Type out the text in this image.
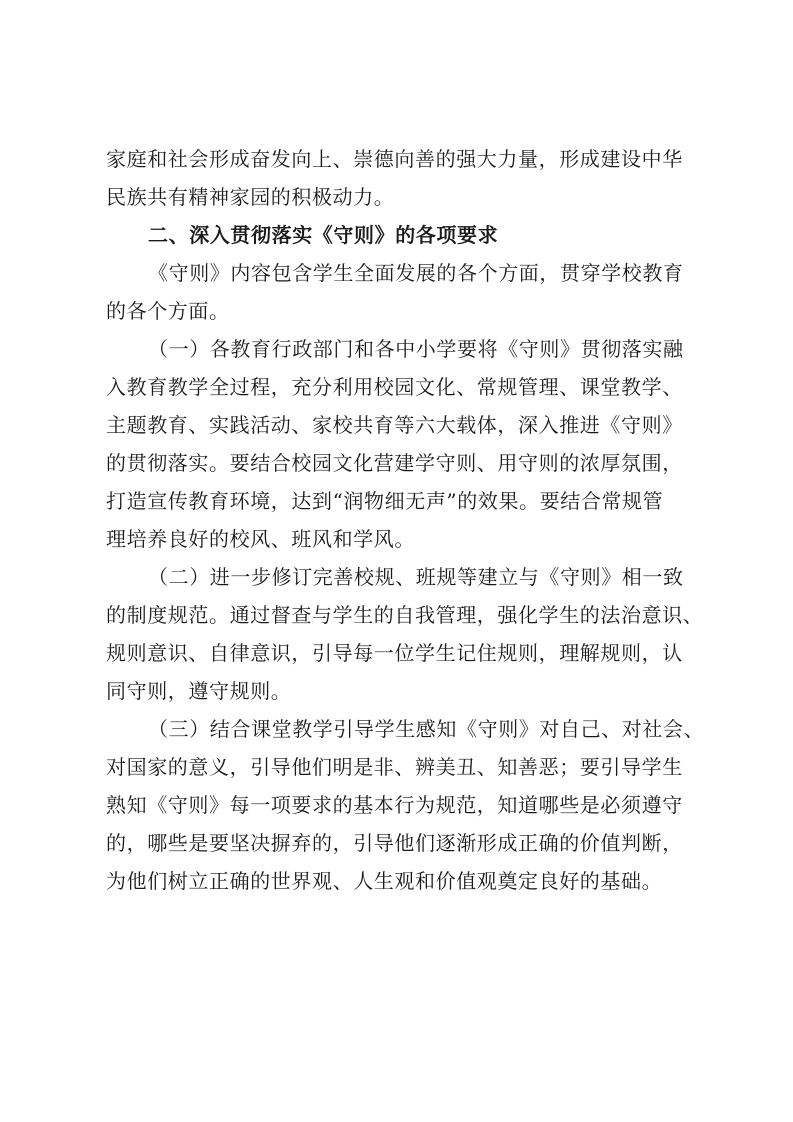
家庭和社会形成奋发向上、崇德向善的强大力量，形成建设中华
民族共有精神家园的积极动力。
二、深入贯彻落实《守则》的各项要求
《守则》内容包含学生全面发展的各个方面，贯穿学校教育
的各个方面。
（一）各教育行政部门和各中小学要将《守则》贯彻落实融
入教育教学全过程，充分利用校园文化、常规管理、课堂教学、
主题教育、实践活动、家校共育等六大载体，深入推进《守则》
的贯彻落实。要结合校园文化营建学守则、用守则的浓厚氛围，
打造宣传教育环境，达到“润物细无声”的效果。要结合常规管
理培养良好的校风、班风和学风。
（二）进一步修订完善校规、班规等建立与《守则》相一致
的制度规范。通过督查与学生的自我管理，强化学生的法治意识、
规则意识、自律意识，引导每一位学生记住规则，理解规则，认
同守则，遵守规则。
（三）结合课堂教学引导学生感知《守则》对自己、对社会、
对国家的意义，引导他们明是非、辨美丑、知善恶；要引导学生
熟知《守则》每一项要求的基本行为规范，知道哪些是必须遵守
的，哪些是要坚决摒弃的，引导他们逐渐形成正确的价值判断，
为他们树立正确的世界观、人生观和价值观奠定良好的基础。
